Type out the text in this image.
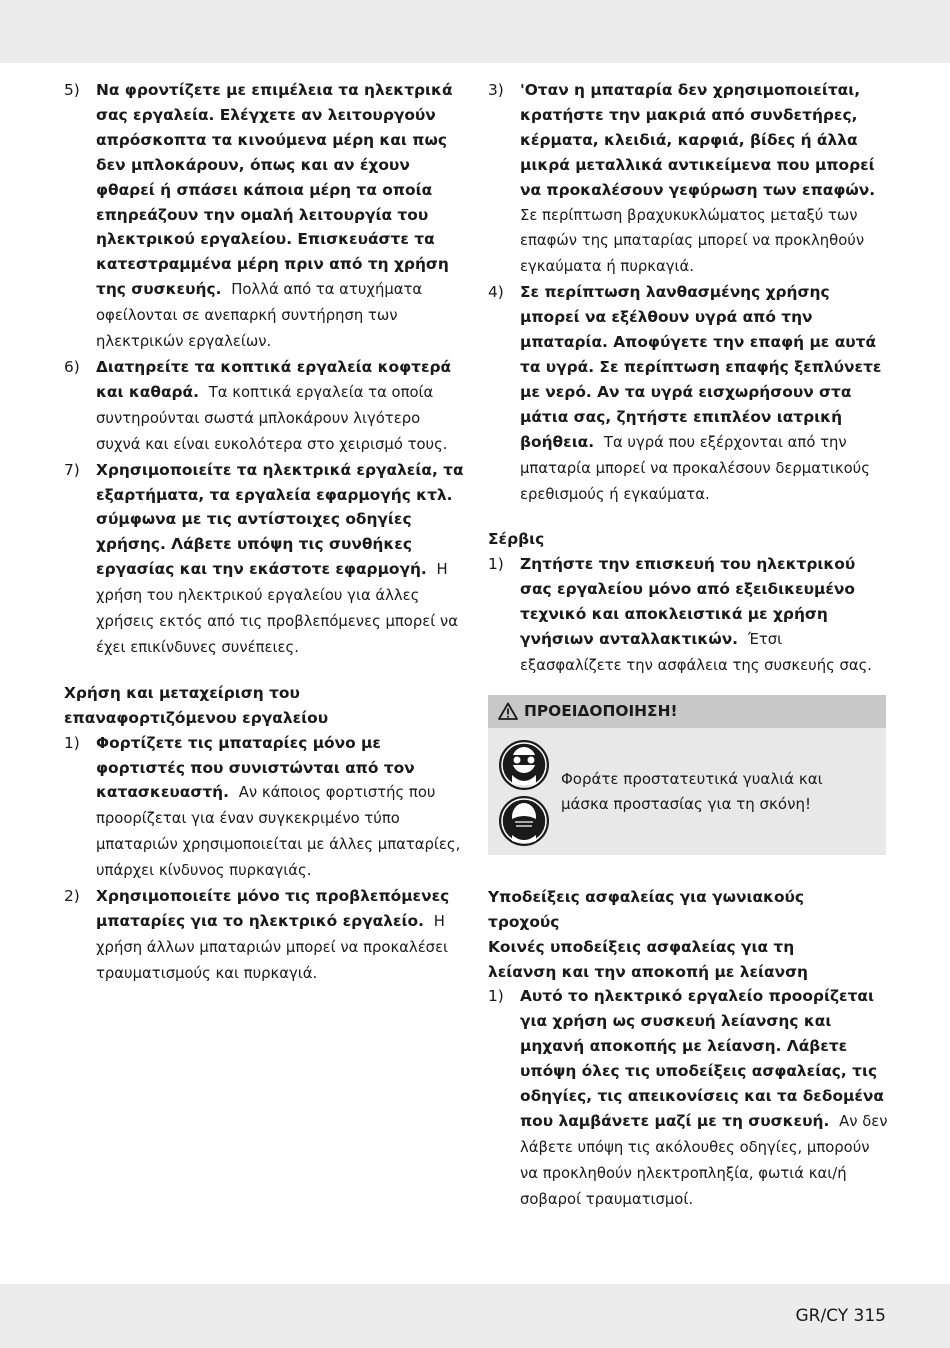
5)	Να φροντίζετε με επιμέλεια τα ηλεκτρικά σας εργαλεία. Ελέγχετε αν λειτουργούν απρόσκοπτα τα κινούμενα μέρη και πως δεν μπλοκάρουν, όπως και αν έχουν φθαρεί ή σπάσει κάποια μέρη τα οποία επηρεάζουν την ομαλή λειτουργία του ηλεκτρικού εργαλείου. Επισκευάστε τα κατεστραμμένα μέρη πριν από τη χρήση της συσκευής. Πολλά από τα ατυχήματα οφείλονται σε ανεπαρκή συντήρηση των ηλεκτρικών εργαλείων.
6)	Διατηρείτε τα κοπτικά εργαλεία κοφτερά και καθαρά. Τα κοπτικά εργαλεία τα οποία συντηρούνται σωστά μπλοκάρουν λιγότερο συχνά και είναι ευκολότερα στο χειρισμό τους.
7)	Χρησιμοποιείτε τα ηλεκτρικά εργαλεία, τα εξαρτήματα, τα εργαλεία εφαρμογής κτλ. σύμφωνα με τις αντίστοιχες οδηγίες χρήσης. Λάβετε υπόψη τις συνθήκες εργασίας και την εκάστοτε εφαρμογή. Η χρήση του ηλεκτρικού εργαλείου για άλλες χρήσεις εκτός από τις προβλεπόμενες μπορεί να έχει επικίνδυνες συνέπειες.
Χρήση και μεταχείριση του
επαναφορτιζόμενου εργαλείου
1)	Φορτίζετε τις μπαταρίες μόνο με φορτιστές που συνιστώνται από τον κατασκευαστή. Αν κάποιος φορτιστής που προορίζεται για έναν συγκεκριμένο τύπο μπαταριών χρησιμοποιείται με άλλες μπαταρίες, υπάρχει κίνδυνος πυρκαγιάς.
2)	Χρησιμοποιείτε μόνο τις προβλεπόμενες μπαταρίες για το ηλεκτρικό εργαλείο. Η χρήση άλλων μπαταριών μπορεί να προκαλέσει τραυματισμούς και πυρκαγιά.
3)	'Οταν η μπαταρία δεν χρησιμοποιείται, κρατήστε την μακριά από συνδετήρες, κέρματα, κλειδιά, καρφιά, βίδες ή άλλα μικρά μεταλλικά αντικείμενα που μπορεί να προκαλέσουν γεφύρωση των επαφών.  Σε περίπτωση βραχυκυκλώματος μεταξύ των επαφών της μπαταρίας μπορεί να προκληθούν εγκαύματα ή πυρκαγιά.
4)	Σε περίπτωση λανθασμένης χρήσης μπορεί να εξέλθουν υγρά από την μπαταρία. Αποφύγετε την επαφή με αυτά τα υγρά. Σε περίπτωση επαφής ξεπλύνετε με νερό. Αν τα υγρά εισχωρήσουν στα μάτια σας, ζητήστε επιπλέον ιατρική βοήθεια. Τα υγρά που εξέρχονται από την μπαταρία μπορεί να προκαλέσουν δερματικούς ερεθισμούς ή εγκαύματα.
Σέρβις
1)	Ζητήστε την επισκευή του ηλεκτρικού σας εργαλείου μόνο από εξειδικευμένο τεχνικό και αποκλειστικά με χρήση γνήσιων ανταλλακτικών. Έτσι εξασφαλίζετε την ασφάλεια της συσκευής σας.
ΠΡΟΕΙΔΟΠΟΙΗΣΗ!
Φοράτε προστατευτικά γυαλιά και μάσκα προστασίας για τη σκόνη!
Υποδείξεις ασφαλείας για γωνιακούς
τροχούς
Κοινές υποδείξεις ασφαλείας για τη
λείανση και την αποκοπή με λείανση
1)	Αυτό το ηλεκτρικό εργαλείο προορίζεται για χρήση ως συσκευή λείανσης και μηχανή αποκοπής με λείανση. Λάβετε υπόψη όλες τις υποδείξεις ασφαλείας, τις οδηγίες, τις απεικονίσεις και τα δεδομένα που λαμβάνετε μαζί με τη συσκευή. Αν δεν λάβετε υπόψη τις ακόλουθες οδηγίες, μπορούν να προκληθούν ηλεκτροπληξία, φωτιά και/ή σοβαροί τραυματισμοί.
GR/CY 315
